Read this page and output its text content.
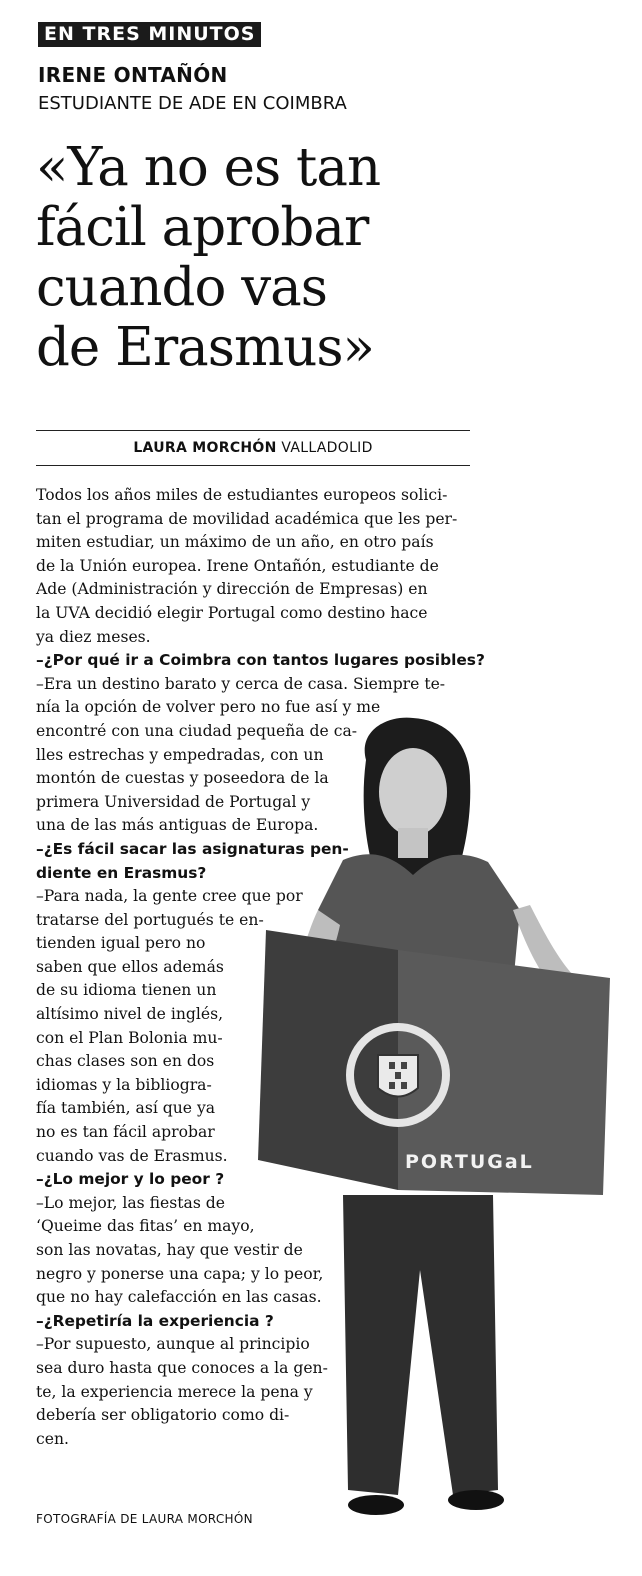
EN TRES MINUTOS
IRENE ONTAÑÓN
ESTUDIANTE DE ADE EN COIMBRA
«Ya no es tan
fácil aprobar
cuando vas
de Erasmus»
LAURA MORCHÓN VALLADOLID
PORTUGaL
Todos los años miles de estudiantes europeos solici-
tan el programa de movilidad académica que les per-
miten estudiar, un máximo de un año, en otro país
de la Unión europea. Irene Ontañón, estudiante de
Ade (Administración y dirección de Empresas) en
la UVA decidió elegir Portugal como destino hace
ya diez meses.
–¿Por qué ir a Coimbra con tantos lugares posibles?
–Era un destino barato y cerca de casa. Siempre te-
nía la opción de volver pero no fue así y me
encontré con una ciudad pequeña de ca-
lles estrechas y empedradas, con un
montón de cuestas y poseedora de la
primera Universidad de Portugal y
una de las más antiguas de Europa.
–¿Es fácil sacar las asignaturas pen-
diente en Erasmus?
–Para nada, la gente cree que por
tratarse del portugués te en-
tienden igual pero no
saben que ellos además
de su idioma tienen un
altísimo nivel de inglés,
con el Plan Bolonia mu-
chas clases son en dos
idiomas y la bibliogra-
fía también, así que ya
no es tan fácil aprobar
cuando vas de Erasmus.
–¿Lo mejor y lo peor ?
–Lo mejor, las fiestas de
‘Queime das fitas’ en mayo,
son las novatas, hay que vestir de
negro y ponerse una capa; y lo peor,
que no hay calefacción en las casas.
–¿Repetiría la experiencia ?
–Por supuesto, aunque al principio
sea duro hasta que conoces a la gen-
te, la experiencia merece la pena y
debería ser obligatorio como di-
cen.
FOTOGRAFÍA DE LAURA MORCHÓN
